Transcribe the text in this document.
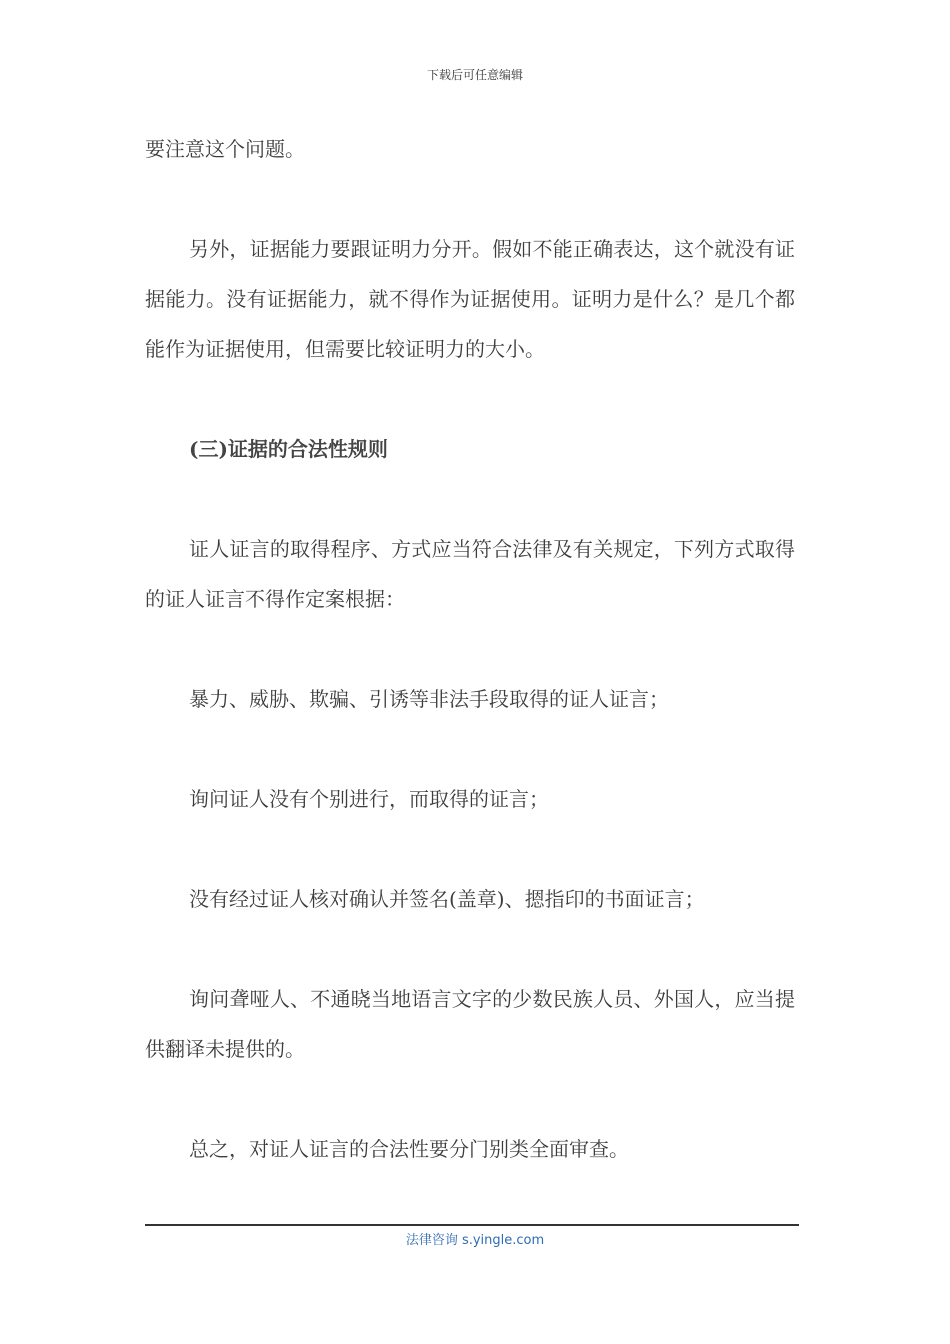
下载后可任意编辑

要注意这个问题。

另外，证据能力要跟证明力分开。假如不能正确表达，这个就没有证据能力。没有证据能力，就不得作为证据使用。证明力是什么？是几个都能作为证据使用，但需要比较证明力的大小。

(三)证据的合法性规则

证人证言的取得程序、方式应当符合法律及有关规定，下列方式取得的证人证言不得作定案根据：

暴力、威胁、欺骗、引诱等非法手段取得的证人证言；

询问证人没有个别进行，而取得的证言；

没有经过证人核对确认并签名(盖章)、摁指印的书面证言；

询问聋哑人、不通晓当地语言文字的少数民族人员、外国人，应当提供翻译未提供的。

总之，对证人证言的合法性要分门别类全面审查。

法律咨询 s.yingle.com
